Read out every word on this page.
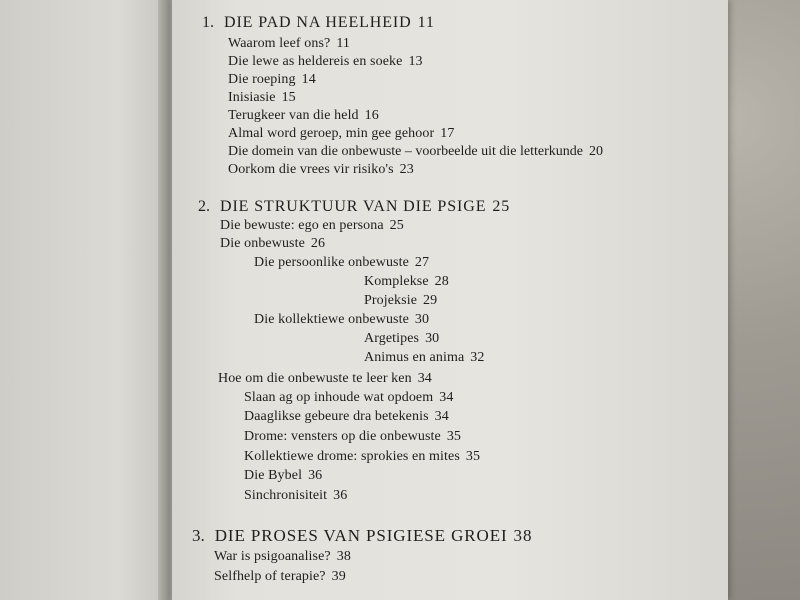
1. DIE PAD NA HEELHEID 11
Waarom leef ons? 11
Die lewe as heldereis en soeke 13
Die roeping 14
Inisiasie 15
Terugkeer van die held 16
Almal word geroep, min gee gehoor 17
Die domein van die onbewuste – voorbeelde uit die letterkunde 20
Oorkom die vrees vir risiko's 23
2. DIE STRUKTUUR VAN DIE PSIGE 25
Die bewuste: ego en persona 25
Die onbewuste 26
Die persoonlike onbewuste 27
Komplekse 28
Projeksie 29
Die kollektiewe onbewuste 30
Argetipes 30
Animus en anima 32
Hoe om die onbewuste te leer ken 34
Slaan ag op inhoude wat opdoem 34
Daaglikse gebeure dra betekenis 34
Drome: vensters op die onbewuste 35
Kollektiewe drome: sprokies en mites 35
Die Bybel 36
Sinchronisiteit 36
3. DIE PROSES VAN PSIGIESE GROEI 38
War is psigoanalise? 38
Selfhelp of terapie? 39
